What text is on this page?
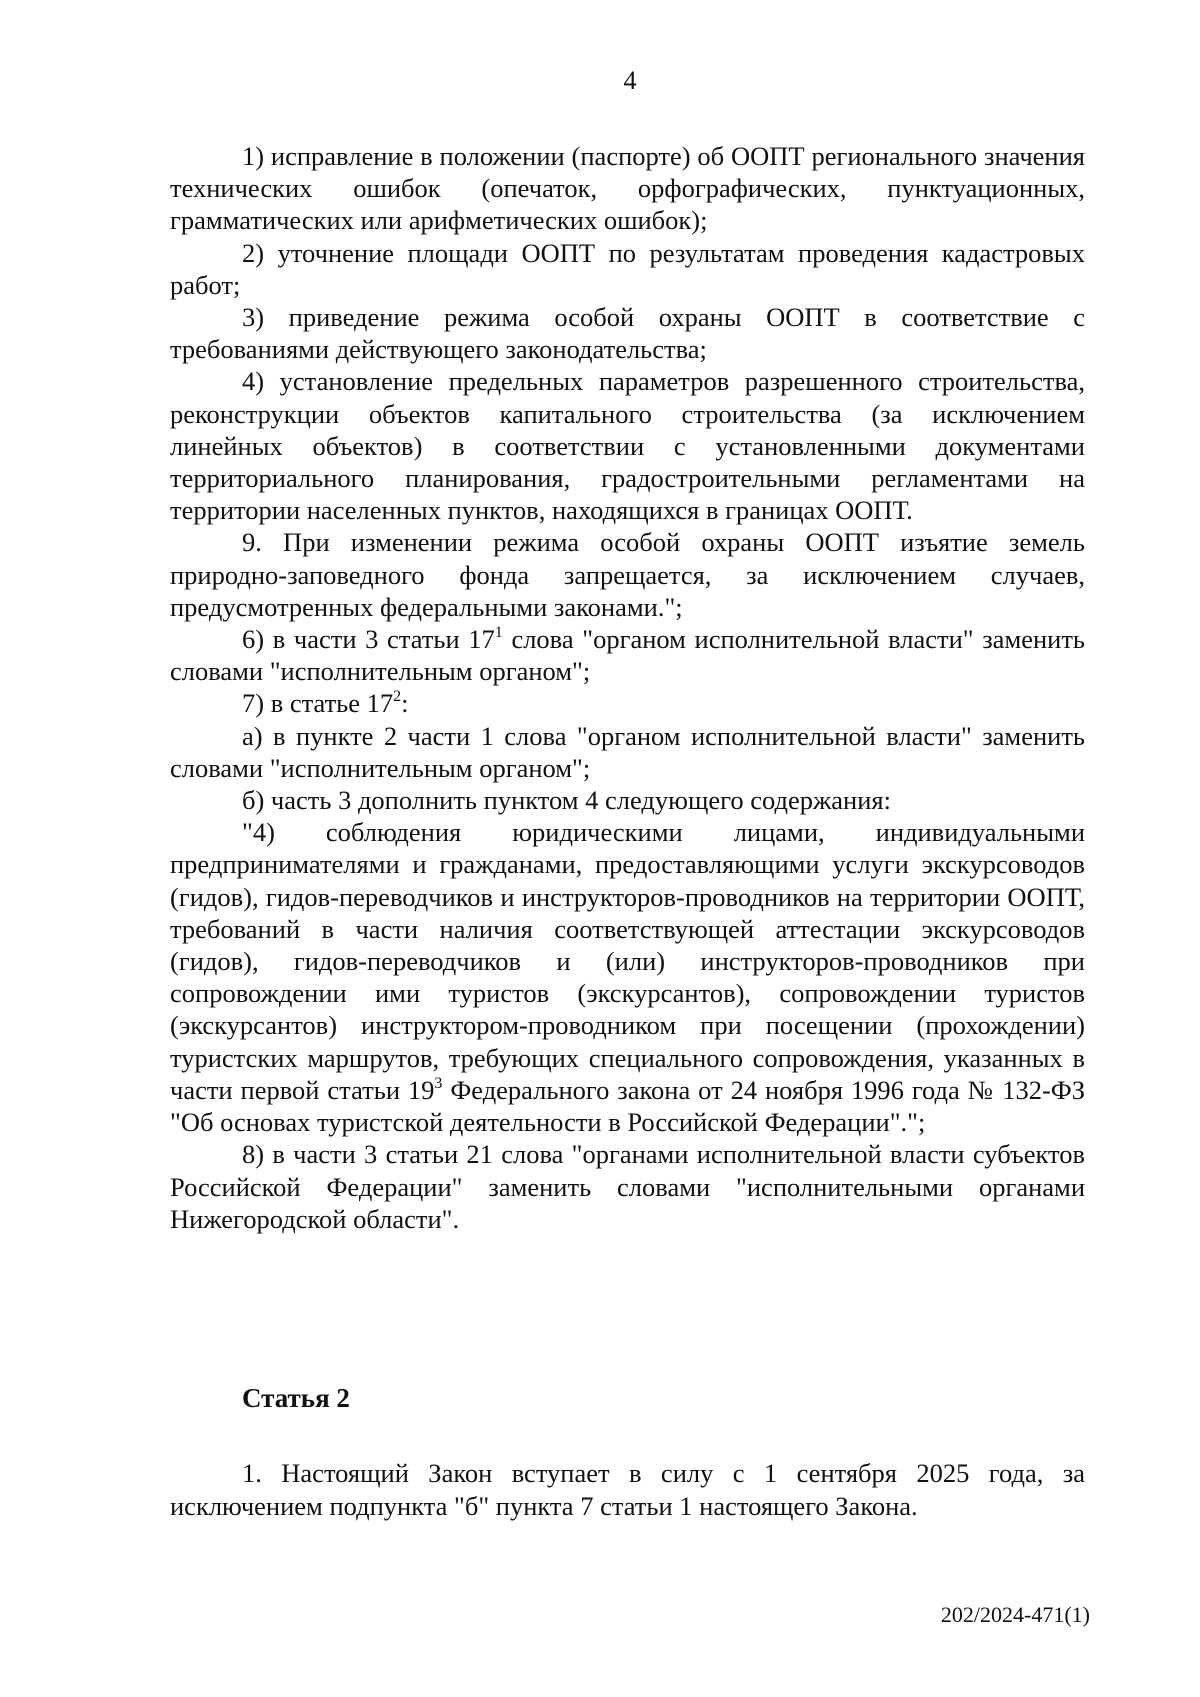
4

1) исправление в положении (паспорте) об ООПТ регионального значения технических ошибок (опечаток, орфографических, пунктуационных, грамматических или арифметических ошибок);

2) уточнение площади ООПТ по результатам проведения кадастровых работ;

3) приведение режима особой охраны ООПТ в соответствие с требованиями действующего законодательства;

4) установление предельных параметров разрешенного строительства, реконструкции объектов капитального строительства (за исключением линейных объектов) в соответствии с установленными документами территориального планирования, градостроительными регламентами на территории населенных пунктов, находящихся в границах ООПТ.

9. При изменении режима особой охраны ООПТ изъятие земель природно-заповедного фонда запрещается, за исключением случаев, предусмотренных федеральными законами.";

6) в части 3 статьи $17^1$ слова "органом исполнительной власти" заменить словами "исполнительным органом";

7) в статье $17^2$:

а) в пункте 2 части 1 слова "органом исполнительной власти" заменить словами "исполнительным органом";

б) часть 3 дополнить пунктом 4 следующего содержания:

"4) соблюдения юридическими лицами, индивидуальными предпринимателями и гражданами, предоставляющими услуги экскурсоводов (гидов), гидов-переводчиков и инструкторов-проводников на территории ООПТ, требований в части наличия соответствующей аттестации экскурсоводов (гидов), гидов-переводчиков и (или) инструкторов-проводников при сопровождении ими туристов (экскурсантов), сопровождении туристов (экскурсантов) инструктором-проводником при посещении (прохождении) туристских маршрутов, требующих специального сопровождения, указанных в части первой статьи $19^3$ Федерального закона от 24 ноября 1996 года № 132-ФЗ "Об основах туристской деятельности в Российской Федерации".";

8) в части 3 статьи 21 слова "органами исполнительной власти субъектов Российской Федерации" заменить словами "исполнительными органами Нижегородской области".

Статья 2

1. Настоящий Закон вступает в силу с 1 сентября 2025 года, за исключением подпункта "б" пункта 7 статьи 1 настоящего Закона.

202/2024-471(1)
